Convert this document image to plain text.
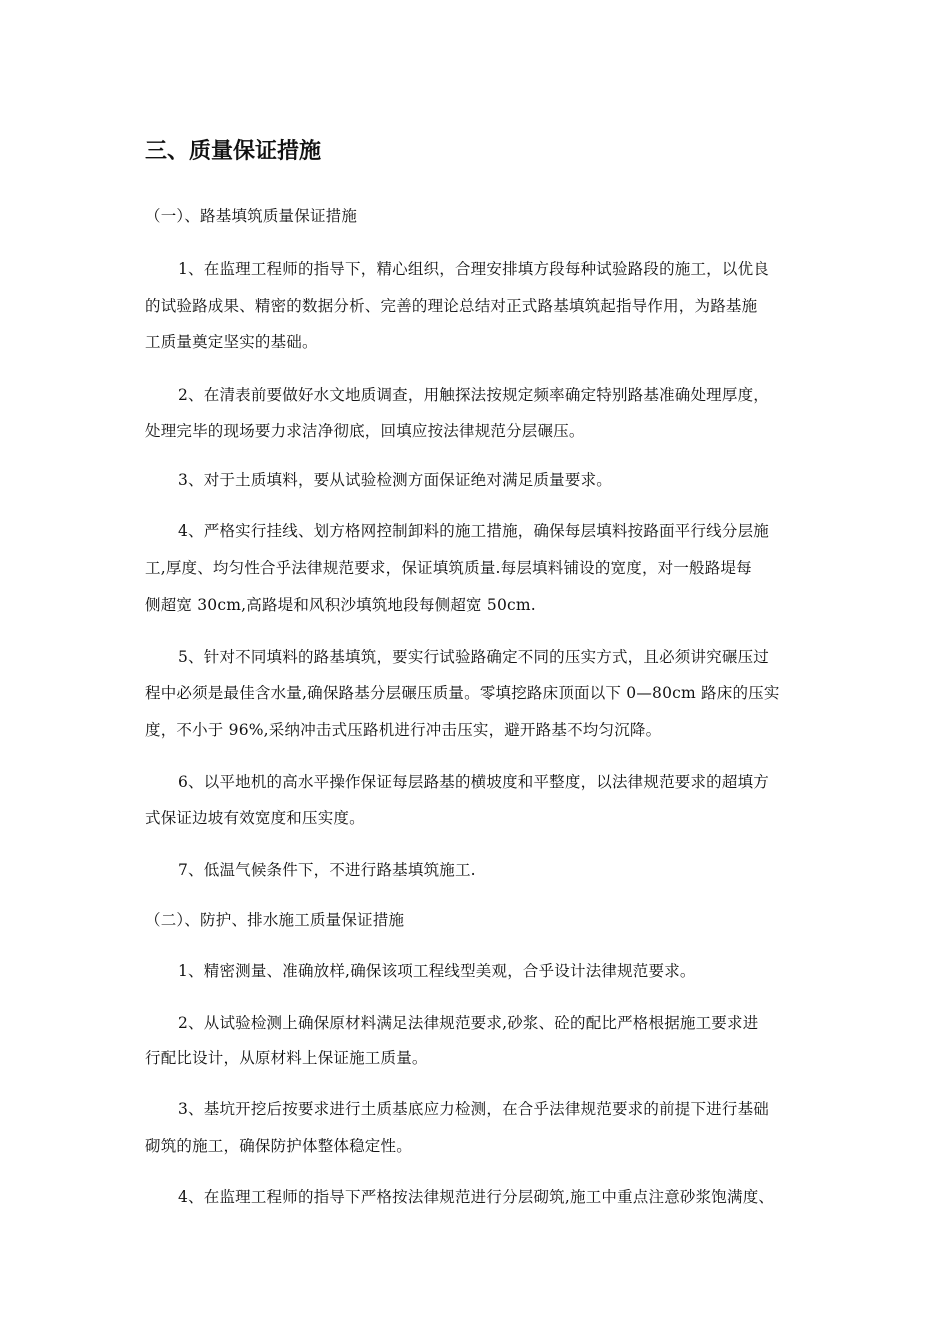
三、质量保证措施
（一）、路基填筑质量保证措施
1、在监理工程师的指导下，精心组织，合理安排填方段每种试验路段的施工，以优良
的试验路成果、精密的数据分析、完善的理论总结对正式路基填筑起指导作用，为路基施
工质量奠定坚实的基础。
2、在清表前要做好水文地质调查，用触探法按规定频率确定特别路基准确处理厚度，
处理完毕的现场要力求洁净彻底，回填应按法律规范分层碾压。
3、对于土质填料，要从试验检测方面保证绝对满足质量要求。
4、严格实行挂线、划方格网控制卸料的施工措施，确保每层填料按路面平行线分层施
工,厚度、均匀性合乎法律规范要求，保证填筑质量.每层填料铺设的宽度，对一般路堤每
侧超宽 30cm,高路堤和风积沙填筑地段每侧超宽 50cm.
5、针对不同填料的路基填筑，要实行试验路确定不同的压实方式，且必须讲究碾压过
程中必须是最佳含水量,确保路基分层碾压质量。零填挖路床顶面以下 0—80cm 路床的压实
度，不小于 96%,采纳冲击式压路机进行冲击压实，避开路基不均匀沉降。
6、以平地机的高水平操作保证每层路基的横坡度和平整度，以法律规范要求的超填方
式保证边坡有效宽度和压实度。
7、低温气候条件下，不进行路基填筑施工.
（二）、防护、排水施工质量保证措施
1、精密测量、准确放样,确保该项工程线型美观，合乎设计法律规范要求。
2、从试验检测上确保原材料满足法律规范要求,砂浆、砼的配比严格根据施工要求进
行配比设计，从原材料上保证施工质量。
3、基坑开挖后按要求进行土质基底应力检测，在合乎法律规范要求的前提下进行基础
砌筑的施工，确保防护体整体稳定性。
4、在监理工程师的指导下严格按法律规范进行分层砌筑,施工中重点注意砂浆饱满度、
